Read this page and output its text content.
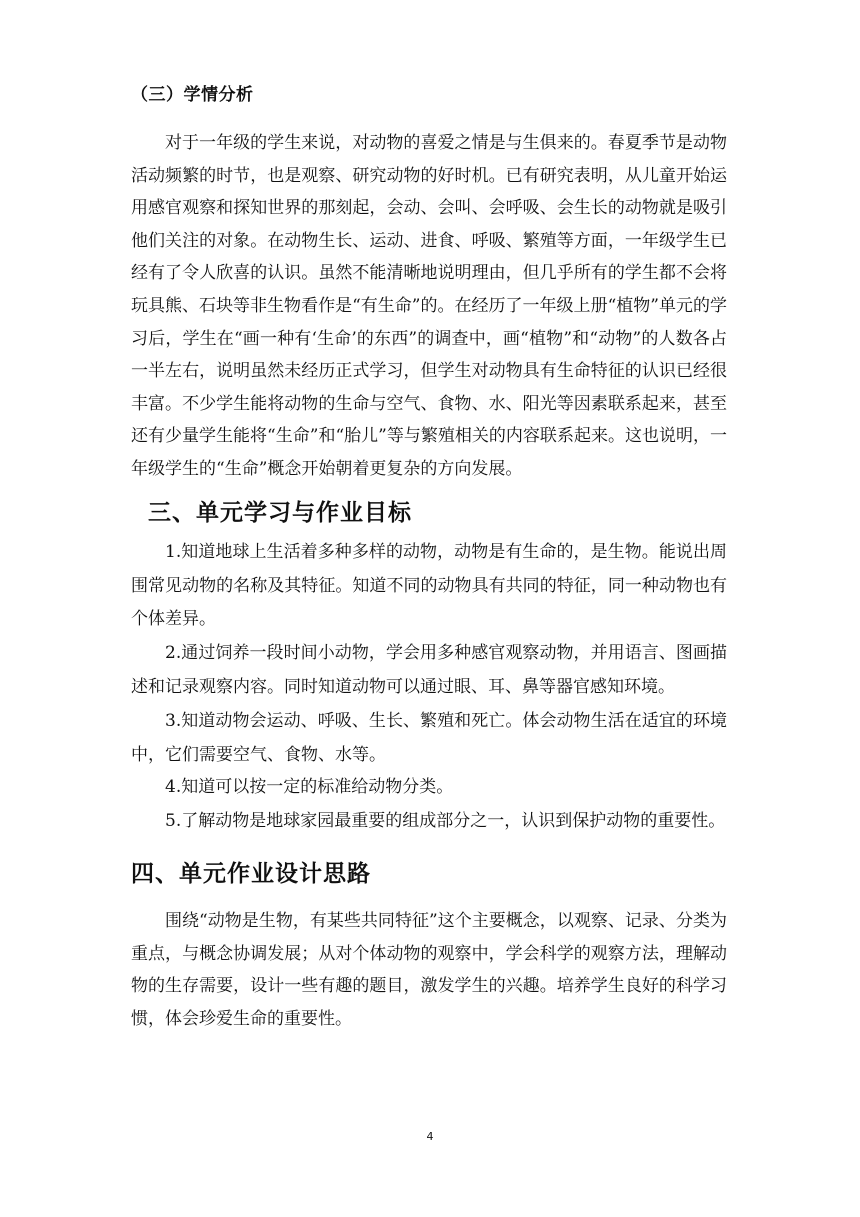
（三）学情分析

对于一年级的学生来说，对动物的喜爱之情是与生俱来的。春夏季节是动物活动频繁的时节，也是观察、研究动物的好时机。已有研究表明，从儿童开始运用感官观察和探知世界的那刻起，会动、会叫、会呼吸、会生长的动物就是吸引他们关注的对象。在动物生长、运动、进食、呼吸、繁殖等方面，一年级学生已经有了令人欣喜的认识。虽然不能清晰地说明理由，但几乎所有的学生都不会将玩具熊、石块等非生物看作是“有生命”的。在经历了一年级上册“植物”单元的学习后，学生在“画一种有‘生命’的东西”的调查中，画“植物”和“动物”的人数各占一半左右，说明虽然未经历正式学习，但学生对动物具有生命特征的认识已经很丰富。不少学生能将动物的生命与空气、食物、水、阳光等因素联系起来，甚至还有少量学生能将“生命”和“胎儿”等与繁殖相关的内容联系起来。这也说明，一年级学生的“生命”概念开始朝着更复杂的方向发展。

三、单元学习与作业目标

1.知道地球上生活着多种多样的动物，动物是有生命的，是生物。能说出周围常见动物的名称及其特征。知道不同的动物具有共同的特征，同一种动物也有个体差异。

2.通过饲养一段时间小动物，学会用多种感官观察动物，并用语言、图画描述和记录观察内容。同时知道动物可以通过眼、耳、鼻等器官感知环境。

3.知道动物会运动、呼吸、生长、繁殖和死亡。体会动物生活在适宜的环境中，它们需要空气、食物、水等。

4.知道可以按一定的标准给动物分类。

5.了解动物是地球家园最重要的组成部分之一，认识到保护动物的重要性。

四、单元作业设计思路

围绕“动物是生物，有某些共同特征”这个主要概念，以观察、记录、分类为重点，与概念协调发展；从对个体动物的观察中，学会科学的观察方法，理解动物的生存需要，设计一些有趣的题目，激发学生的兴趣。培养学生良好的科学习惯，体会珍爱生命的重要性。

4
